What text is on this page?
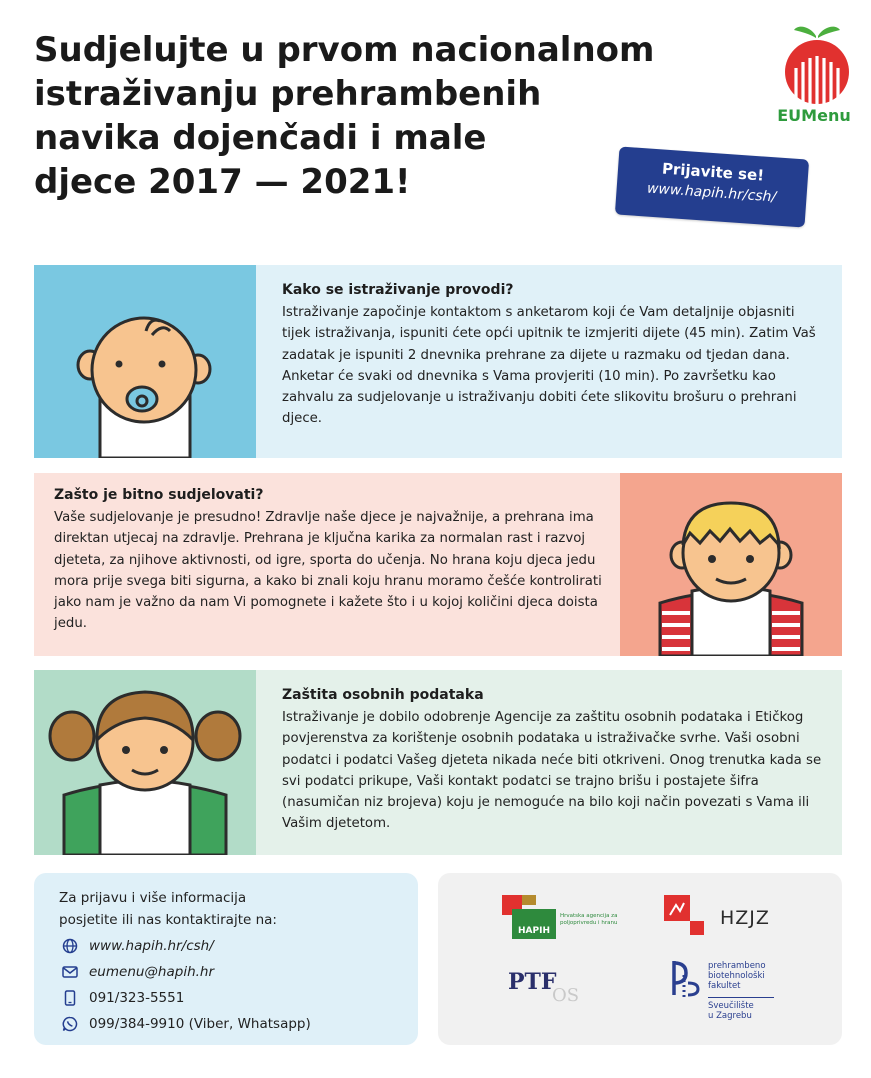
Sudjelujte u prvom nacionalnom
istraživanju prehrambenih
navika dojenčadi i male
djece 2017 — 2021!
EUMenu
Prijavite se!
www.hapih.hr/csh/
Kako se istraživanje provodi?

Istraživanje započinje kontaktom s anketarom koji će Vam detaljnije objasniti tijek istraživanja, ispuniti ćete opći upitnik te izmjeriti dijete (45 min). Zatim Vaš zadatak je ispuniti 2 dnevnika prehrane za dijete u razmaku od tjedan dana. Anketar će svaki od dnevnika s Vama provjeriti (10 min). Po završetku kao zahvalu za sudjelovanje u istraživanju dobiti ćete slikovitu brošuru o prehrani djece.

Zašto je bitno sudjelovati?

Vaše sudjelovanje je presudno! Zdravlje naše djece je najvažnije, a prehrana ima direktan utjecaj na zdravlje. Prehrana je ključna karika za normalan rast i razvoj djeteta, za njihove aktivnosti, od igre, sporta do učenja. No hrana koju djeca jedu mora prije svega biti sigurna, a kako bi znali koju hranu moramo češće kontrolirati jako nam je važno da nam Vi pomognete i kažete što i u kojoj količini djeca doista jedu.

Zaštita osobnih podataka

Istraživanje je dobilo odobrenje Agencije za zaštitu osobnih podataka i Etičkog povjerenstva za korištenje osobnih podataka u istraživačke svrhe. Vaši osobni podatci i podatci Vašeg djeteta nikada neće biti otkriveni. Onog trenutka kada se svi podatci prikupe, Vaši kontakt podatci se trajno brišu i postajete šifra (nasumičan niz brojeva) koju je nemoguće na bilo koji način povezati s Vama ili Vašim djetetom.

Za prijavu i više informacija
posjetite ili nas kontaktirajte na:
www.hapih.hr/csh/
eumenu@hapih.hr
091/323-5551
099/384-9910 (Viber, Whatsapp)
HAPIH
Hrvatska agencija za
poljoprivredu i hranu	HZJZ
PTF
OS
prehrambeno
biotehnološki
fakultet
Sveučilište
u Zagrebu
